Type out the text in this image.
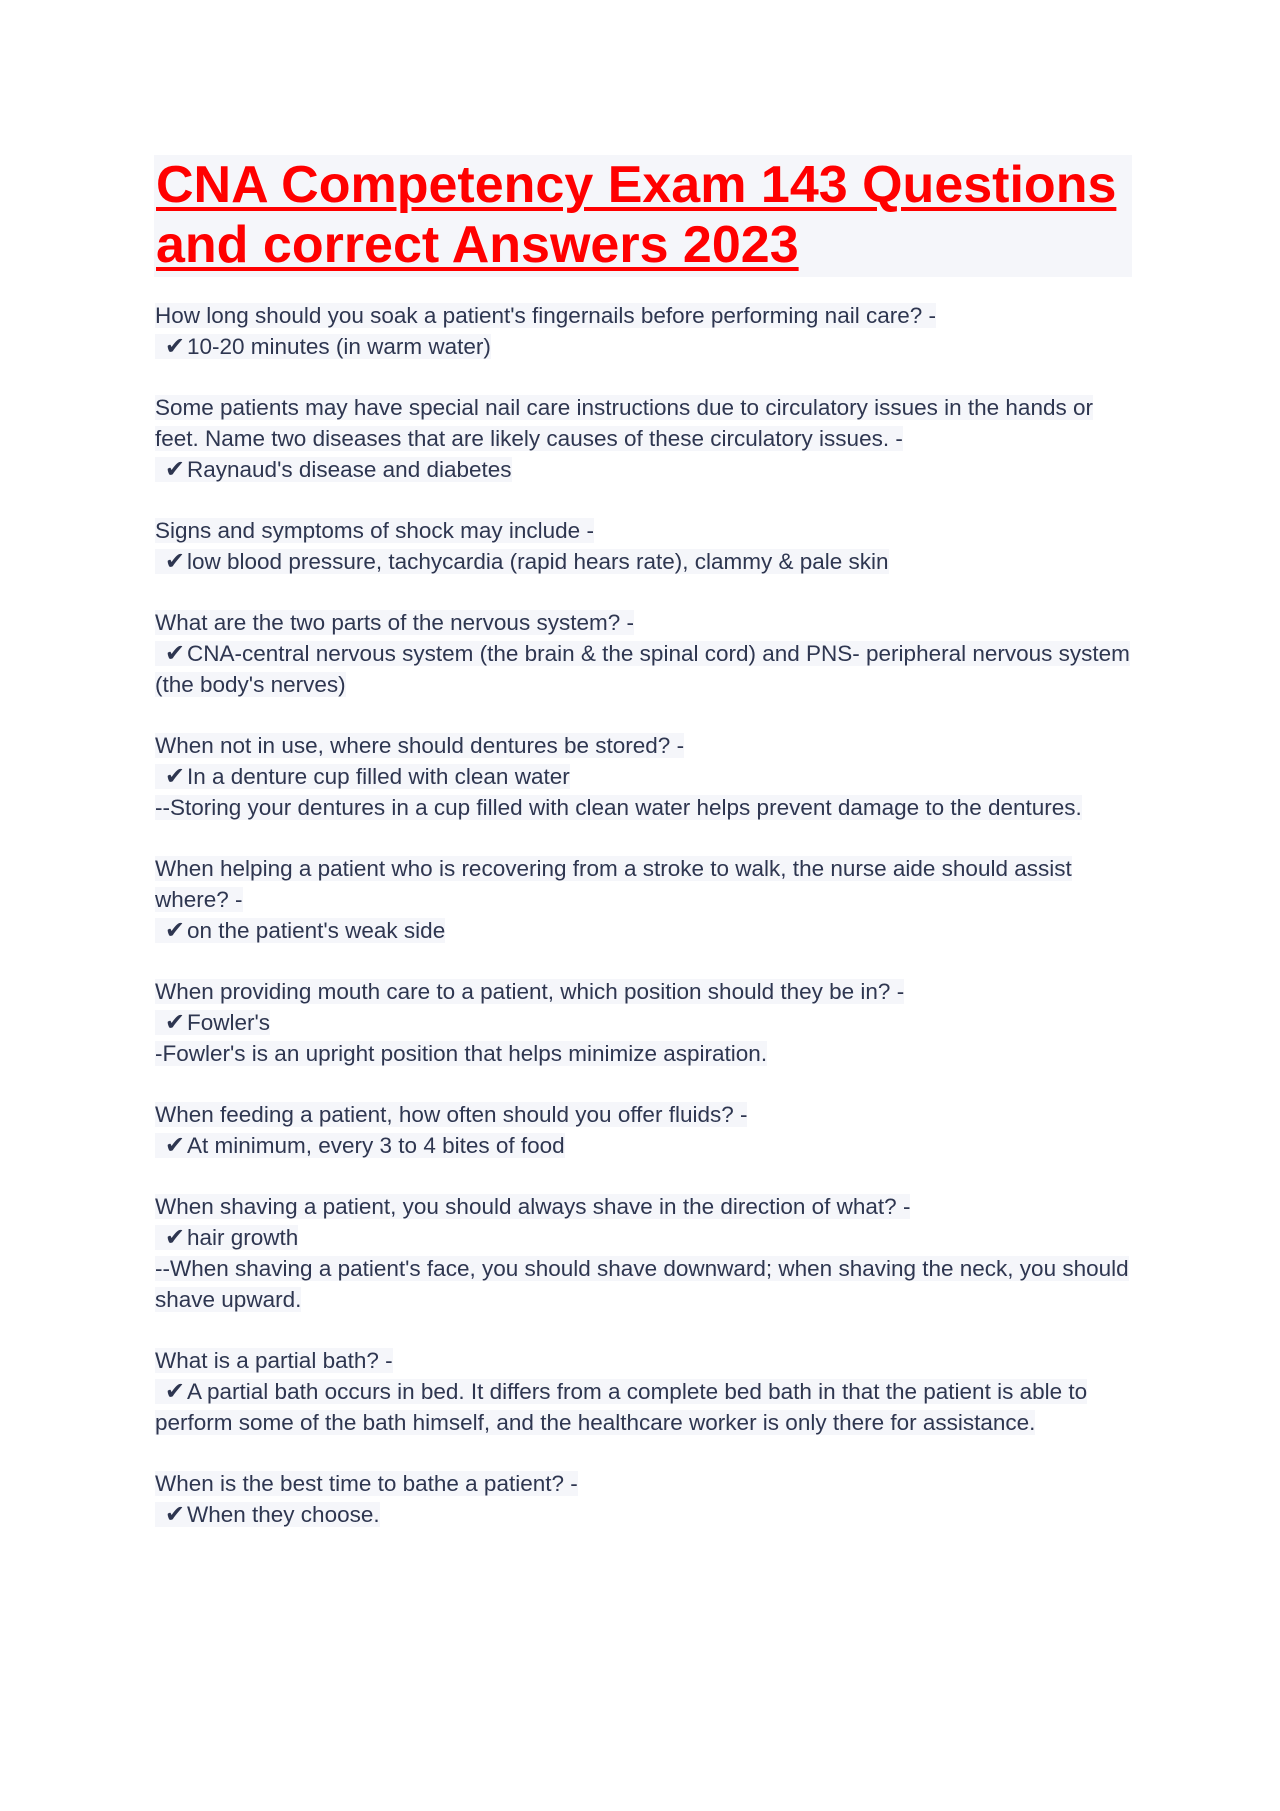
CNA Competency Exam 143 Questions and correct Answers 2023
How long should you soak a patient's fingernails before performing nail care? -
✔10-20 minutes (in warm water)
Some patients may have special nail care instructions due to circulatory issues in the hands or feet. Name two diseases that are likely causes of these circulatory issues. -
✔Raynaud's disease and diabetes
Signs and symptoms of shock may include -
✔low blood pressure, tachycardia (rapid hears rate), clammy & pale skin
What are the two parts of the nervous system? -
✔CNA-central nervous system (the brain & the spinal cord) and PNS- peripheral nervous system (the body's nerves)
When not in use, where should dentures be stored? -
✔In a denture cup filled with clean water
--Storing your dentures in a cup filled with clean water helps prevent damage to the dentures.
When helping a patient who is recovering from a stroke to walk, the nurse aide should assist where? -
✔on the patient's weak side
When providing mouth care to a patient, which position should they be in? -
✔Fowler's
-Fowler's is an upright position that helps minimize aspiration.
When feeding a patient, how often should you offer fluids? -
✔At minimum, every 3 to 4 bites of food
When shaving a patient, you should always shave in the direction of what? -
✔hair growth
--When shaving a patient's face, you should shave downward; when shaving the neck, you should shave upward.
What is a partial bath? -
✔A partial bath occurs in bed. It differs from a complete bed bath in that the patient is able to perform some of the bath himself, and the healthcare worker is only there for assistance.
When is the best time to bathe a patient? -
✔When they choose.
